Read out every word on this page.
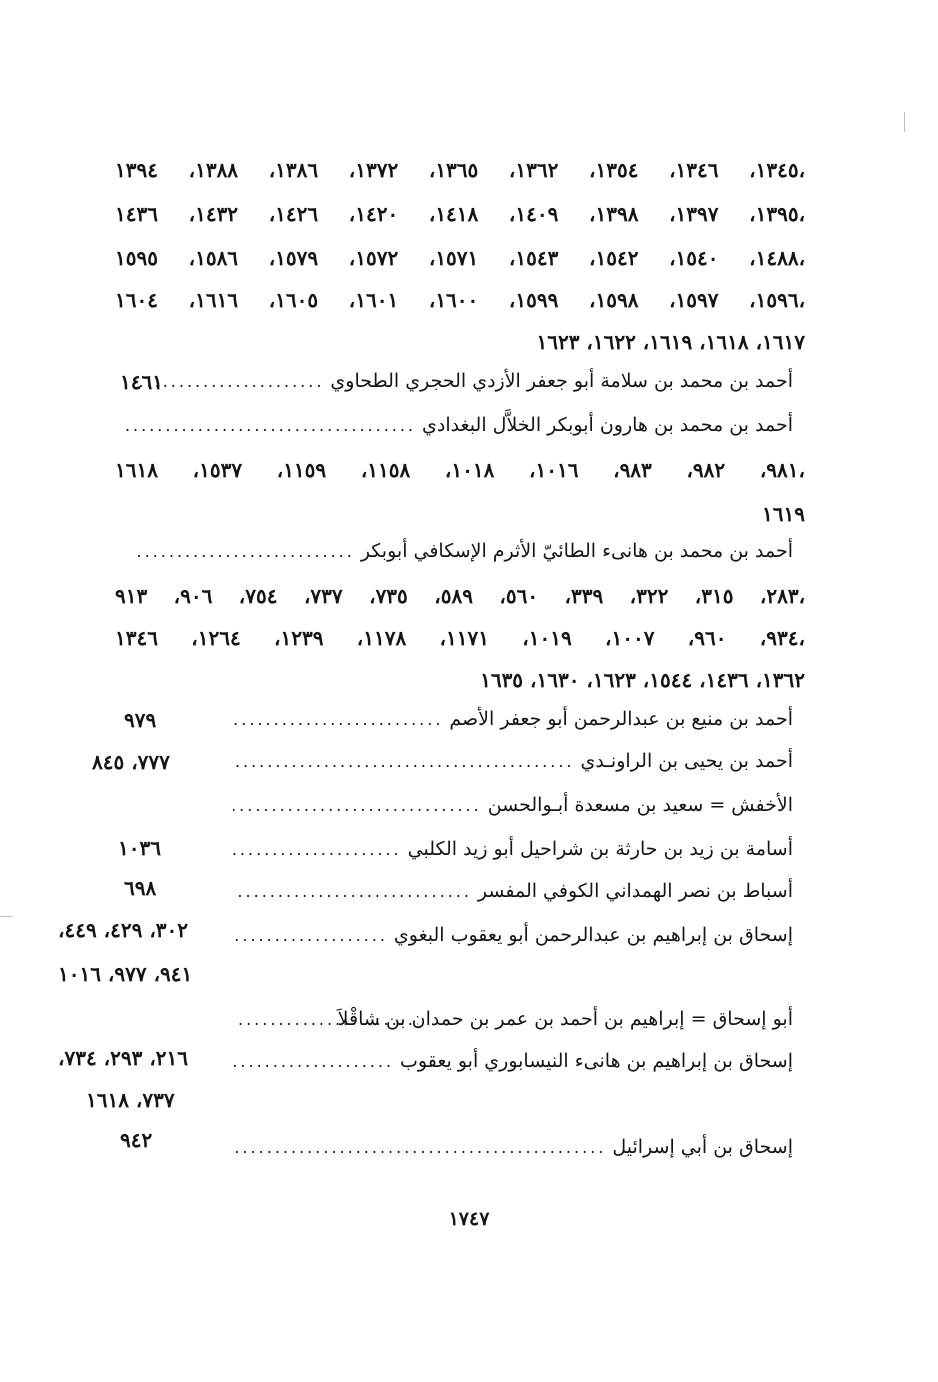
١٣٤٥، ١٣٤٦، ١٣٥٤، ١٣٦٢، ١٣٦٥، ١٣٧٢، ١٣٨٦، ١٣٨٨، ١٣٩٤،
١٣٩٥، ١٣٩٧، ١٣٩٨، ١٤٠٩، ١٤١٨، ١٤٢٠، ١٤٢٦، ١٤٣٢، ١٤٣٦،
١٤٨٨، ١٥٤٠، ١٥٤٢، ١٥٤٣، ١٥٧١، ١٥٧٢، ١٥٧٩، ١٥٨٦، ١٥٩٥،
١٥٩٦، ١٥٩٧، ١٥٩٨، ١٥٩٩، ١٦٠٠، ١٦٠١، ١٦٠٥، ١٦١٦، ١٦٠٤،
١٦١٧، ١٦١٨، ١٦١٩، ١٦٢٢، ١٦٢٣
أحمد بن محمد بن سلامة أبو جعفر الأزدي الحجري الطحاوي
.....
١٤٦١
أحمد بن محمد بن هارون أبوبكر الخلاَّل البغدادي
.....
٩٨١، ٩٨٢، ٩٨٣، ١٠١٦، ١٠١٨، ١١٥٨، ١١٥٩، ١٥٣٧، ١٦١٨،
١٦١٩
أحمد بن محمد بن هانىء الطائيّ الأثرم الإسكافي أبوبكر
.....
٢٨٣، ٣١٥، ٣٢٢، ٣٣٩، ٥٦٠، ٥٨٩، ٧٣٥، ٧٣٧، ٧٥٤، ٩٠٦، ٩١٣،
٩٣٤، ٩٦٠، ١٠٠٧، ١٠١٩، ١١٧١، ١١٧٨، ١٢٣٩، ١٢٦٤، ١٣٤٦،
١٣٦٢، ١٤٣٦، ١٥٤٤، ١٦٢٣، ١٦٣٠، ١٦٣٥
أحمد بن منيع بن عبدالرحمن أبو جعفر الأصم
.....
٩٧٩
أحمد بن يحيى بن الراونـدي
.....
٧٧٧، ٨٤٥
الأخفش = سعيد بن مسعدة أبـوالحسن
.....
أسامة بن زيد بن حارثة بن شراحيل أبو زيد الكلبي
.....
١٠٣٦
أسباط بن نصر الهمداني الكوفي المفسر
.....
٦٩٨
إسحاق بن إبراهيم بن عبدالرحمن أبو يعقوب البغوي
.....
٣٠٢، ٤٢٩، ٤٤٩،
٩٤١، ٩٧٧، ١٠١٦
أبو إسحاق = إبراهيم بن أحمد بن عمر بن حمدان بن شاقْلاَ
.....
إسحاق بن إبراهيم بن هانىء النيسابوري أبو يعقوب
.....
٢١٦، ٢٩٣، ٧٣٤،
٧٣٧، ١٦١٨
إسحاق بن أبي إسرائيل
.....
٩٤٢
١٧٤٧
